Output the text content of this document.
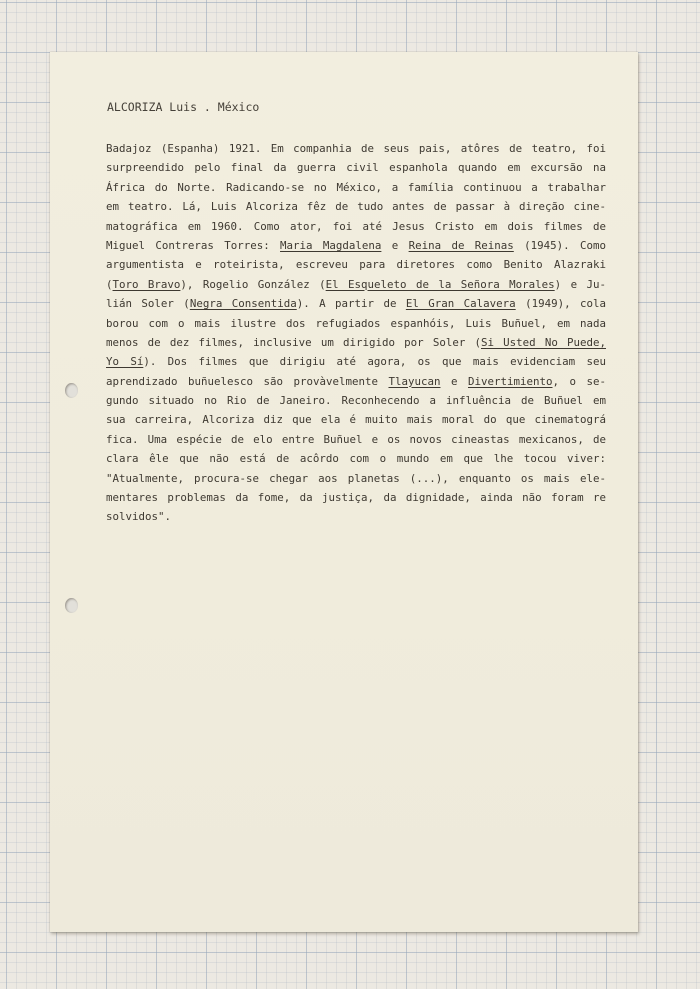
ALCORIZA Luis . México
Badajoz (Espanha) 1921. Em companhia de seus pais, atôres de teatro, foi
surpreendido pelo final da guerra civil espanhola quando em excursão na
África do Norte. Radicando-se no México, a família continuou a trabalhar
em teatro. Lá, Luis Alcoriza fêz de tudo antes de passar à direção cine-
matográfica em 1960. Como ator, foi até Jesus Cristo em dois filmes de
Miguel Contreras Torres: Maria Magdalena e Reina de Reinas (1945). Como
argumentista e roteirista, escreveu para diretores como Benito Alazraki
(Toro Bravo), Rogelio González (El Esqueleto de la Señora Morales) e Ju-
lián Soler (Negra Consentida). A partir de El Gran Calavera (1949), cola
borou com o mais ilustre dos refugiados espanhóis, Luis Buñuel, em nada
menos de dez filmes, inclusive um dirigido por Soler (Si Usted No Puede,
Yo Sí). Dos filmes que dirigiu até agora, os que mais evidenciam seu
aprendizado buñuelesco são provàvelmente Tlayucan e Divertimiento, o se-
gundo situado no Rio de Janeiro. Reconhecendo a influência de Buñuel em
sua carreira, Alcoriza diz que ela é muito mais moral do que cinematográ
fica. Uma espécie de elo entre Buñuel e os novos cineastas mexicanos, de
clara êle que não está de acôrdo com o mundo em que lhe tocou viver:
"Atualmente, procura-se chegar aos planetas (...), enquanto os mais ele-
mentares problemas da fome, da justiça, da dignidade, ainda não foram re
solvidos".
